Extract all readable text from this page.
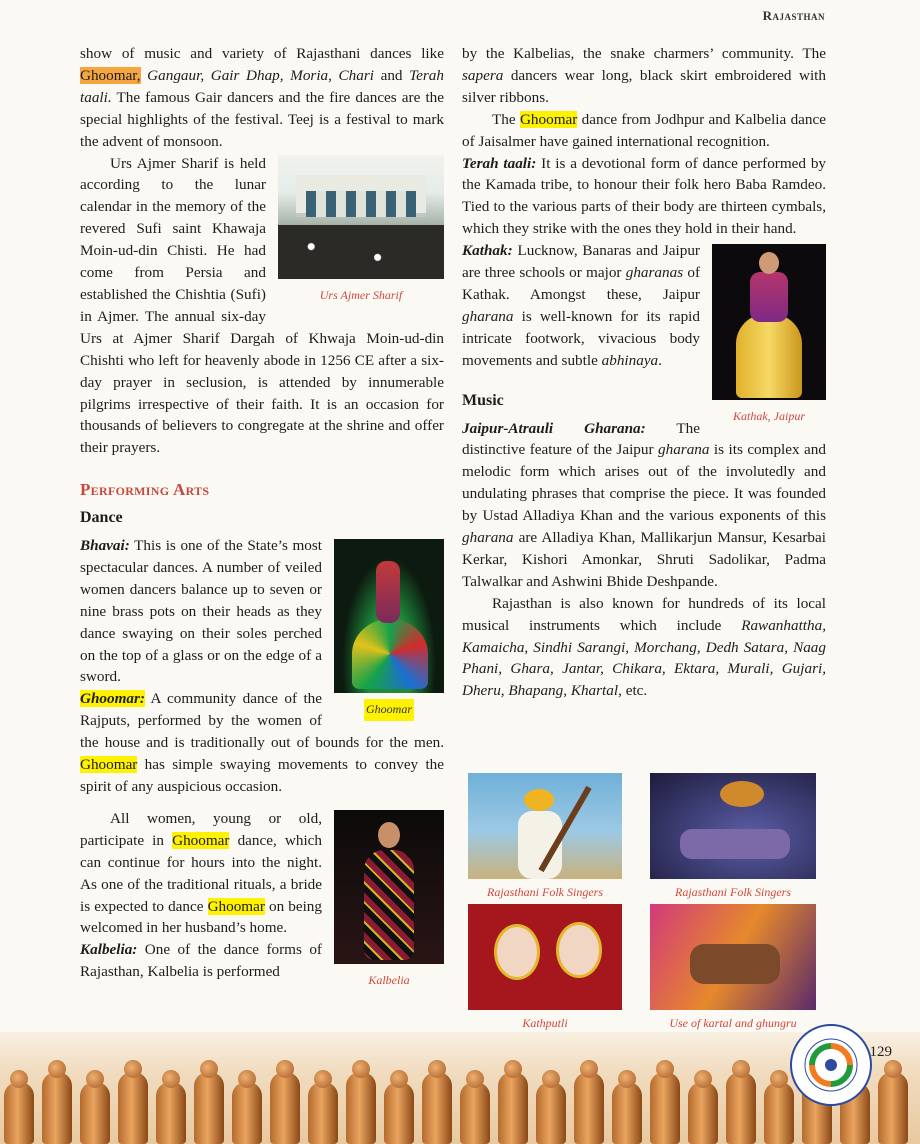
Rajasthan

show of music and variety of Rajasthani dances like Ghoomar, Gangaur, Gair Dhap, Moria, Chari and Terah taali. The famous Gair dancers and the fire dances are the special highlights of the festival. Teej is a festival to mark the advent of monsoon.

Urs Ajmer Sharif

Urs Ajmer Sharif is held according to the lunar calendar in the memory of the revered Sufi saint Khawaja Moin-ud-din Chisti. He had come from Persia and established the Chishtia (Sufi) in Ajmer. The annual six-day Urs at Ajmer Sharif Dargah of Khwaja Moin-ud-din Chishti who left for heavenly abode in 1256 CE after a six-day prayer in seclusion, is attended by innumerable pilgrims irrespective of their faith. It is an occasion for thousands of believers to congregate at the shrine and offer their prayers.

Performing Arts
Dance
Ghoomar

Bhavai: This is one of the State’s most spectacular dances. A number of veiled women dancers balance up to seven or nine brass pots on their heads as they dance swaying on their soles perched on the top of a glass or on the edge of a sword.

Ghoomar: A community dance of the Rajputs, performed by the women of the house and is traditionally out of bounds for the men. Ghoomar has simple swaying movements to convey the spirit of any auspicious occasion.

Kalbelia

All women, young or old, participate in Ghoomar dance, which can continue for hours into the night. As one of the traditional rituals, a bride is expected to dance Ghoomar on being welcomed in her husband’s home.

Kalbelia: One of the dance forms of Rajasthan, Kalbelia is performed

by the Kalbelias, the snake charmers’ community. The sapera dancers wear long, black skirt embroidered with silver ribbons.

The Ghoomar dance from Jodhpur and Kalbelia dance of Jaisalmer have gained international recognition.

Terah taali: It is a devotional form of dance performed by the Kamada tribe, to honour their folk hero Baba Ramdeo. Tied to the various parts of their body are thirteen cymbals, which they strike with the ones they hold in their hand.

Kathak, Jaipur

Kathak: Lucknow, Banaras and Jaipur are three schools or major gharanas of Kathak. Amongst these, Jaipur gharana is well-known for its rapid intricate footwork, vivacious body movements and subtle abhinaya.

Music

Jaipur-Atrauli Gharana: The distinctive feature of the Jaipur gharana is its complex and melodic form which arises out of the involutedly and undulating phrases that comprise the piece. It was founded by Ustad Alladiya Khan and the various exponents of this gharana are Alladiya Khan, Mallikarjun Mansur, Kesarbai Kerkar, Kishori Amonkar, Shruti Sadolikar, Padma Talwalkar and Ashwini Bhide Deshpande.

Rajasthan is also known for hundreds of its local musical instruments which include Rawanhattha, Kamaicha, Sindhi Sarangi, Morchang, Dedh Satara, Naag Phani, Ghara, Jantar, Chikara, Ektara, Murali, Gujari, Dheru, Bhapang, Khartal, etc.

Rajasthani Folk Singers	Rajasthani Folk Singers
Kathputli	Use of kartal and ghungru
129
